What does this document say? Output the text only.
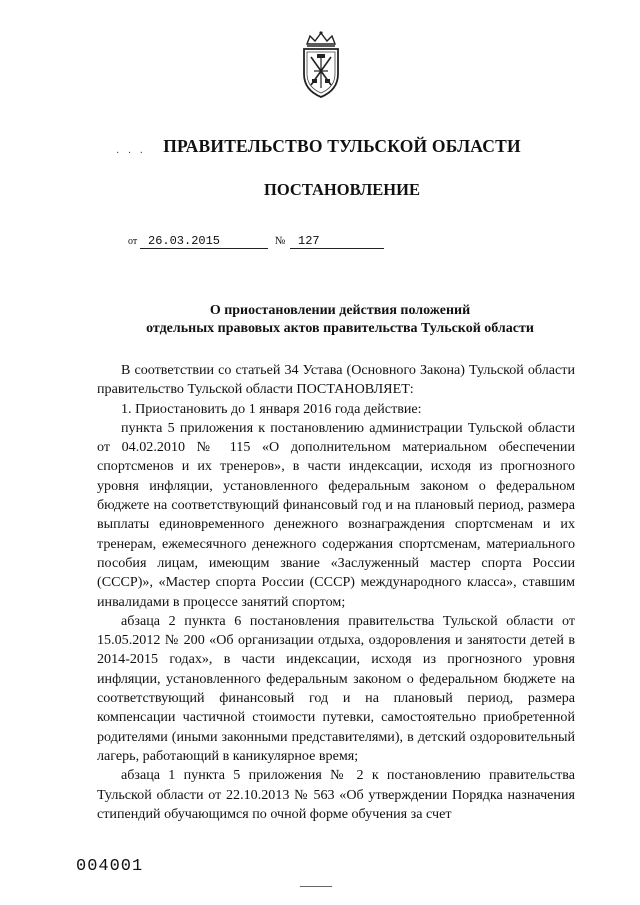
· · · ПРАВИТЕЛЬСТВО ТУЛЬСКОЙ ОБЛАСТИ
ПОСТАНОВЛЕНИЕ
от 26.03.2015	№ 127
О приостановлении действия положений
отдельных правовых актов правительства Тульской области

В соответствии со статьей 34 Устава (Основного Закона) Тульской области правительство Тульской области ПОСТАНОВЛЯЕТ:

1. Приостановить до 1 января 2016 года действие:

пункта 5 приложения к постановлению администрации Тульской области от 04.02.2010 № 115 «О дополнительном материальном обеспечении спортсменов и их тренеров», в части индексации, исходя из прогнозного уровня инфляции, установленного федеральным законом о федеральном бюджете на соответствующий финансовый год и на плановый период, размера выплаты единовременного денежного вознаграждения спортсменам и их тренерам, ежемесячного денежного содержания спортсменам, материального пособия лицам, имеющим звание «Заслуженный мастер спорта России (СССР)», «Мастер спорта России (СССР) международного класса», ставшим инвалидами в процессе занятий спортом;

абзаца 2 пункта 6 постановления правительства Тульской области от 15.05.2012 № 200 «Об организации отдыха, оздоровления и занятости детей в 2014-2015 годах», в части индексации, исходя из прогнозного уровня инфляции, установленного федеральным законом о федеральном бюджете на соответствующий финансовый год и на плановый период, размера компенсации частичной стоимости путевки, самостоятельно приобретенной родителями (иными законными представителями), в детский оздоровительный лагерь, работающий в каникулярное время;

абзаца 1 пункта 5 приложения № 2 к постановлению правительства Тульской области от 22.10.2013 № 563 «Об утверждении Порядка назначения стипендий обучающимся по очной форме обучения за счет

004001
